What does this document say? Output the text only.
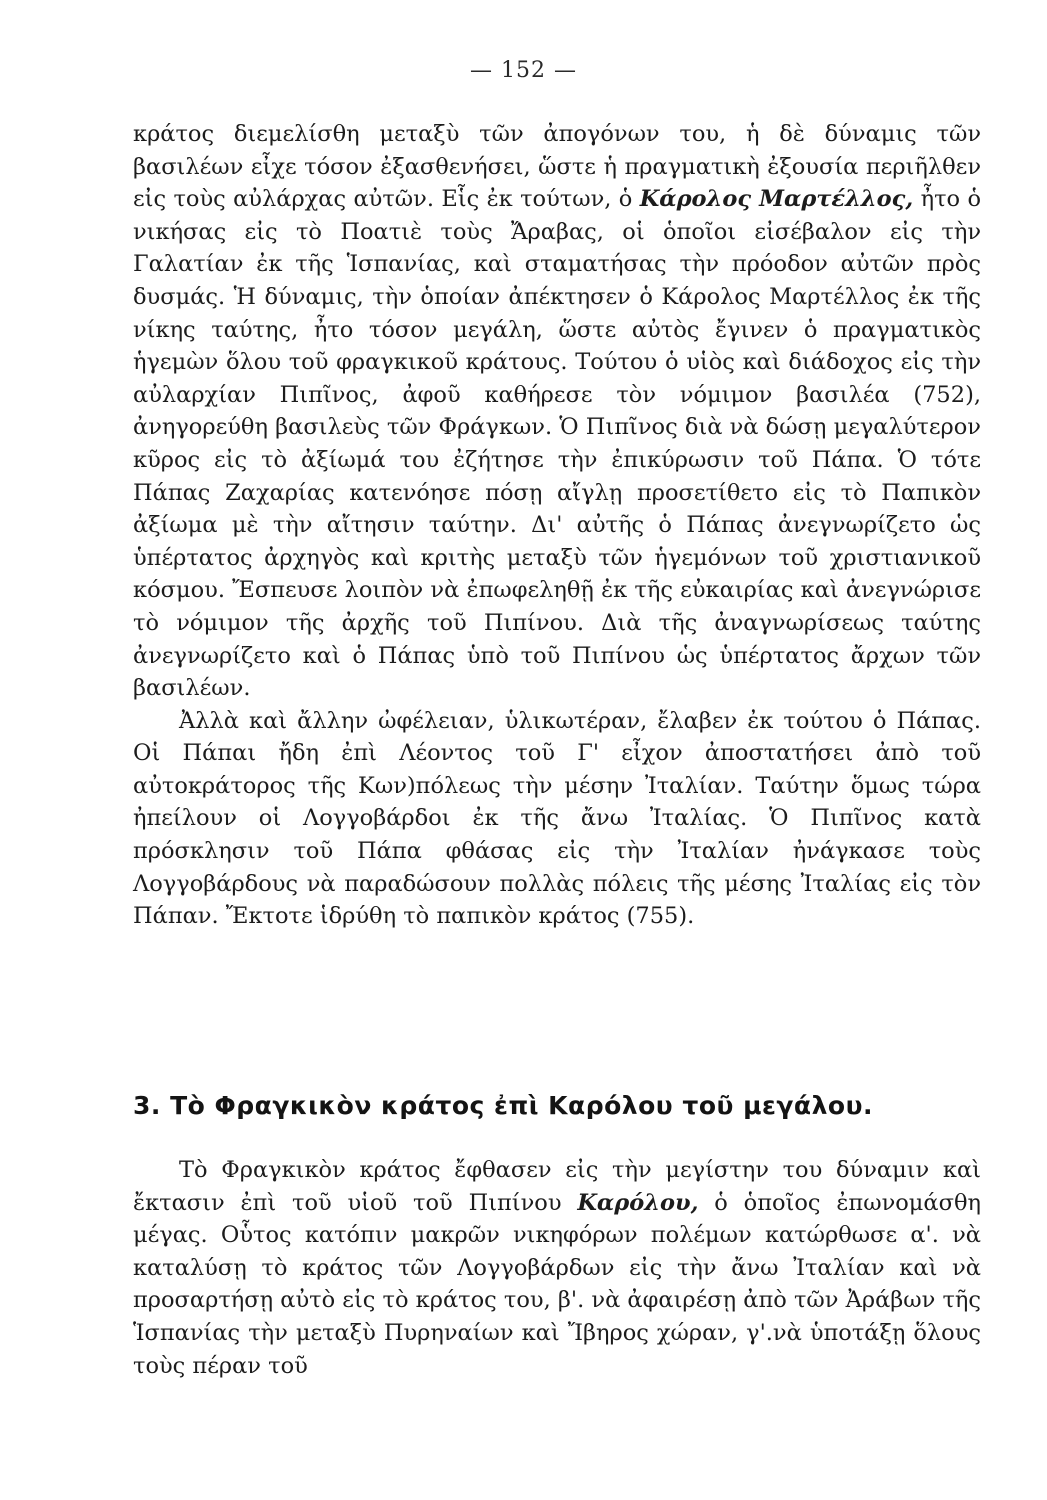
— 152 —

κράτος διεμελίσθη μεταξὺ τῶν ἀπογόνων του, ἡ δὲ δύναμις τῶν βασιλέων εἶχε τόσον ἐξασθενήσει, ὥστε ἡ πραγματικὴ ἐξουσία περιῆλθεν εἰς τοὺς αὐλάρχας αὐτῶν. Εἷς ἐκ τούτων, ὁ Κάρολος Μαρτέλλος, ἦτο ὁ νικήσας εἰς τὸ Ποατιὲ τοὺς Ἄραβας, οἱ ὁποῖοι εἰσέβαλον εἰς τὴν Γαλατίαν ἐκ τῆς Ἱσπανίας, καὶ σταματήσας τὴν πρόοδον αὐτῶν πρὸς δυσμάς. Ἡ δύναμις, τὴν ὁποίαν ἀπέκτησεν ὁ Κάρολος Μαρτέλλος ἐκ τῆς νίκης ταύτης, ἦτο τόσον μεγάλη, ὥστε αὐτὸς ἔγινεν ὁ πραγματικὸς ἡγεμὼν ὅλου τοῦ φραγκικοῦ κράτους. Τούτου ὁ υἱὸς καὶ διάδοχος εἰς τὴν αὐλαρχίαν Πιπῖνος, ἀφοῦ καθήρεσε τὸν νόμιμον βασιλέα (752), ἀνηγορεύθη βασιλεὺς τῶν Φράγκων. Ὁ Πιπῖνος διὰ νὰ δώσῃ μεγαλύτερον κῦρος εἰς τὸ ἀξίωμά του ἐζήτησε τὴν ἐπικύρωσιν τοῦ Πάπα. Ὁ τότε Πάπας Ζαχαρίας κατενόησε πόσῃ αἴγλῃ προσετίθετο εἰς τὸ Παπικὸν ἀξίωμα μὲ τὴν αἴτησιν ταύτην. Δι' αὐτῆς ὁ Πάπας ἀνεγνωρίζετο ὡς ὑπέρτατος ἀρχηγὸς καὶ κριτὴς μεταξὺ τῶν ἡγεμόνων τοῦ χριστιανικοῦ κόσμου. Ἔσπευσε λοιπὸν νὰ ἐπωφεληθῇ ἐκ τῆς εὐκαιρίας καὶ ἀνεγνώρισε τὸ νόμιμον τῆς ἀρχῆς τοῦ Πιπίνου. Διὰ τῆς ἀναγνωρίσεως ταύτης ἀνεγνωρίζετο καὶ ὁ Πάπας ὑπὸ τοῦ Πιπίνου ὡς ὑπέρτατος ἄρχων τῶν βασιλέων.

Ἀλλὰ καὶ ἄλλην ὠφέλειαν, ὑλικωτέραν, ἔλαβεν ἐκ τούτου ὁ Πάπας. Οἱ Πάπαι ἤδη ἐπὶ Λέοντος τοῦ Γ' εἶχον ἀποστατήσει ἀπὸ τοῦ αὐτοκράτορος τῆς Κων)πόλεως τὴν μέσην Ἰταλίαν. Ταύτην ὅμως τώρα ἠπείλουν οἱ Λογγοβάρδοι ἐκ τῆς ἄνω Ἰταλίας. Ὁ Πιπῖνος κατὰ πρόσκλησιν τοῦ Πάπα φθάσας εἰς τὴν Ἰταλίαν ἠνάγκασε τοὺς Λογγοβάρδους νὰ παραδώσουν πολλὰς πόλεις τῆς μέσης Ἰταλίας εἰς τὸν Πάπαν. Ἔκτοτε ἱδρύθη τὸ παπικὸν κράτος (755).

3. Τὸ Φραγκικὸν κράτος ἐπὶ Καρόλου τοῦ μεγάλου.
Τὸ Φραγκικὸν κράτος ἔφθασεν εἰς τὴν μεγίστην του δύναμιν καὶ ἔκτασιν ἐπὶ τοῦ υἱοῦ τοῦ Πιπίνου Καρόλου, ὁ ὁποῖος ἐπωνομάσθη μέγας. Οὗτος κατόπιν μακρῶν νικηφόρων πολέμων κατώρθωσε α'. νὰ καταλύσῃ τὸ κράτος τῶν Λογγοβάρδων εἰς τὴν ἄνω Ἰταλίαν καὶ νὰ προσαρτήσῃ αὐτὸ εἰς τὸ κράτος του, β'. νὰ ἀφαιρέσῃ ἀπὸ τῶν Ἀράβων τῆς Ἱσπανίας τὴν μεταξὺ Πυρηναίων καὶ Ἴβηρος χώραν, γ'.νὰ ὑποτάξῃ ὅλους τοὺς πέραν τοῦ
